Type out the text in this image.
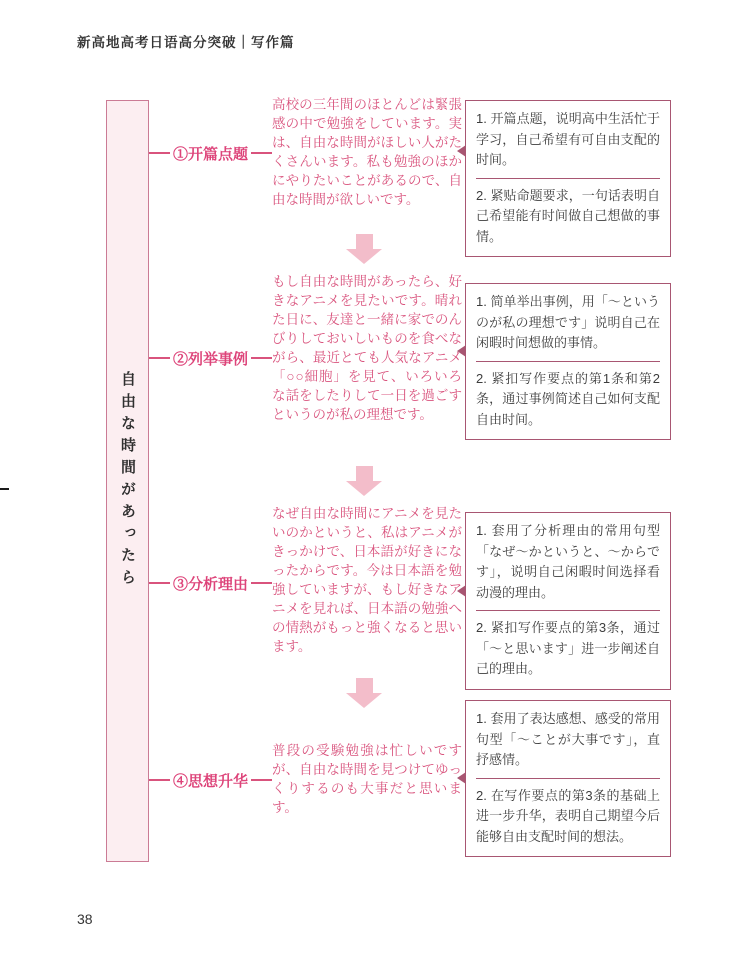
新高地高考日语高分突破｜写作篇
自由な時間があったら
①开篇点题
高校の三年間のほとんどは緊張感の中で勉強をしています。実は、自由な時間がほしい人がたくさんいます。私も勉強のほかにやりたいことがあるので、自由な時間が欲しいです。
1. 开篇点题，说明高中生活忙于学习，自己希望有可自由支配的时间。
2. 紧贴命题要求，一句话表明自己希望能有时间做自己想做的事情。
②列举事例
もし自由な時間があったら、好きなアニメを見たいです。晴れた日に、友達と一緒に家でのんびりしておいしいものを食べながら、最近とても人気なアニメ「○○細胞」を見て、いろいろな話をしたりして一日を過ごすというのが私の理想です。
1. 简单举出事例，用「～というのが私の理想です」说明自己在闲暇时间想做的事情。
2. 紧扣写作要点的第1条和第2条，通过事例简述自己如何支配自由时间。
③分析理由
なぜ自由な時間にアニメを見たいのかというと、私はアニメがきっかけで、日本語が好きになったからです。今は日本語を勉強していますが、もし好きなアニメを見れば、日本語の勉強への情熱がもっと強くなると思います。
1. 套用了分析理由的常用句型「なぜ～かというと、～からです」，说明自己闲暇时间选择看动漫的理由。
2. 紧扣写作要点的第3条，通过「～と思います」进一步阐述自己的理由。
④思想升华
普段の受験勉強は忙しいですが、自由な時間を見つけてゆっくりするのも大事だと思います。
1. 套用了表达感想、感受的常用句型「～ことが大事です」，直抒感情。
2. 在写作要点的第3条的基础上进一步升华，表明自己期望今后能够自由支配时间的想法。
38
